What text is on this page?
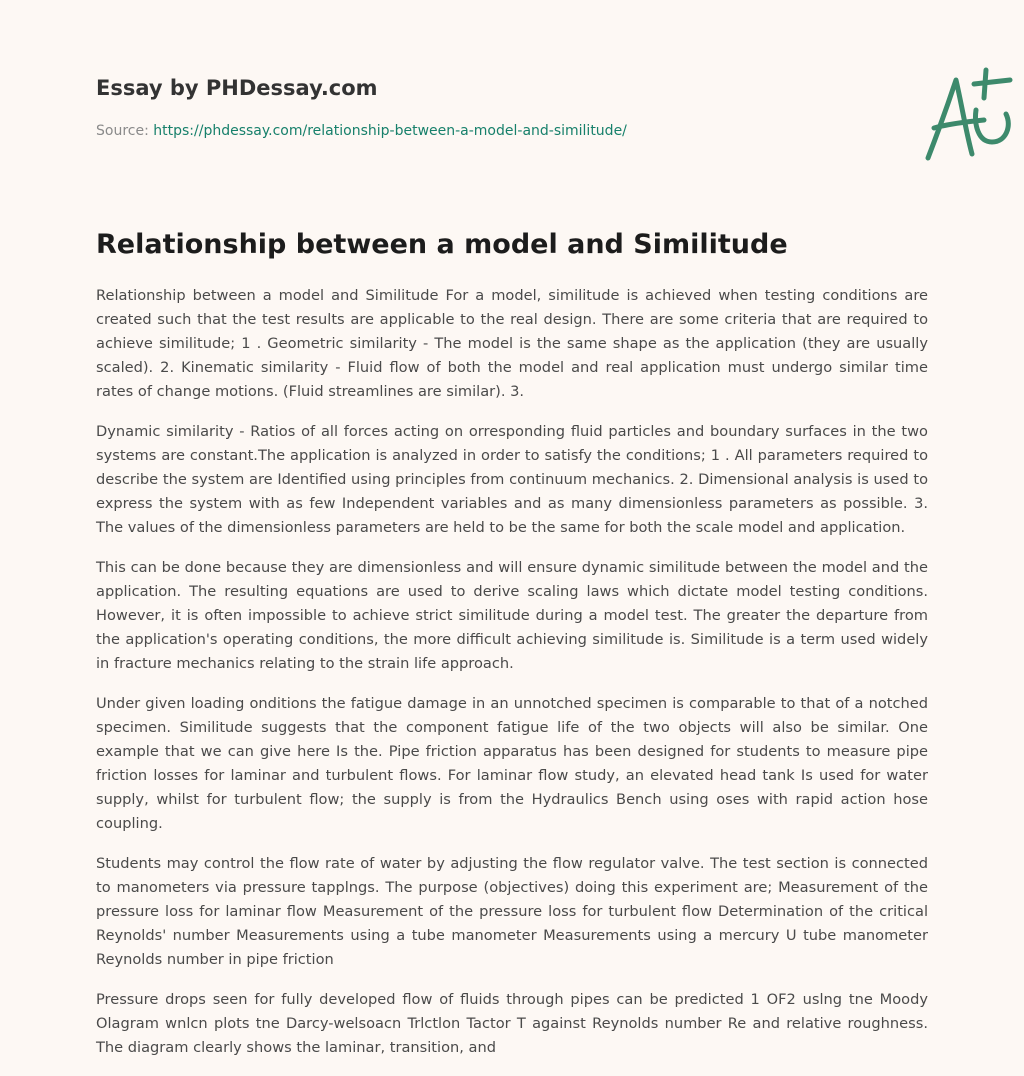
Essay by PHDessay.com
Source: https://phdessay.com/relationship-between-a-model-and-similitude/
Relationship between a model and Similitude

Relationship between a model and Similitude For a model, similitude is achieved when testing conditions are created such that the test results are applicable to the real design. There are some criteria that are required to achieve similitude; 1 . Geometric similarity - The model is the same shape as the application (they are usually scaled). 2. Kinematic similarity - Fluid flow of both the model and real application must undergo similar time rates of change motions. (Fluid streamlines are similar). 3.

Dynamic similarity - Ratios of all forces acting on orresponding fluid particles and boundary surfaces in the two systems are constant.The application is analyzed in order to satisfy the conditions; 1 . All parameters required to describe the system are Identified using principles from continuum mechanics. 2. Dimensional analysis is used to express the system with as few Independent variables and as many dimensionless parameters as possible. 3. The values of the dimensionless parameters are held to be the same for both the scale model and application.

This can be done because they are dimensionless and will ensure dynamic similitude between the model and the application. The resulting equations are used to derive scaling laws which dictate model testing conditions. However, it is often impossible to achieve strict similitude during a model test. The greater the departure from the application's operating conditions, the more difficult achieving similitude is. Similitude is a term used widely in fracture mechanics relating to the strain life approach.

Under given loading onditions the fatigue damage in an unnotched specimen is comparable to that of a notched specimen. Similitude suggests that the component fatigue life of the two objects will also be similar. One example that we can give here Is the. Pipe friction apparatus has been designed for students to measure pipe friction losses for laminar and turbulent flows. For laminar flow study, an elevated head tank Is used for water supply, whilst for turbulent flow; the supply is from the Hydraulics Bench using oses with rapid action hose coupling.

Students may control the flow rate of water by adjusting the flow regulator valve. The test section is connected to manometers via pressure tapplngs. The purpose (objectives) doing this experiment are; Measurement of the pressure loss for laminar flow Measurement of the pressure loss for turbulent flow Determination of the critical Reynolds' number Measurements using a tube manometer Measurements using a mercury U tube manometer Reynolds number in pipe friction

Pressure drops seen for fully developed flow of fluids through pipes can be predicted 1 OF2 uslng tne Moody Olagram wnlcn plots tne Darcy-welsoacn Trlctlon Tactor T against Reynolds number Re and relative roughness. The diagram clearly shows the laminar, transition, and
